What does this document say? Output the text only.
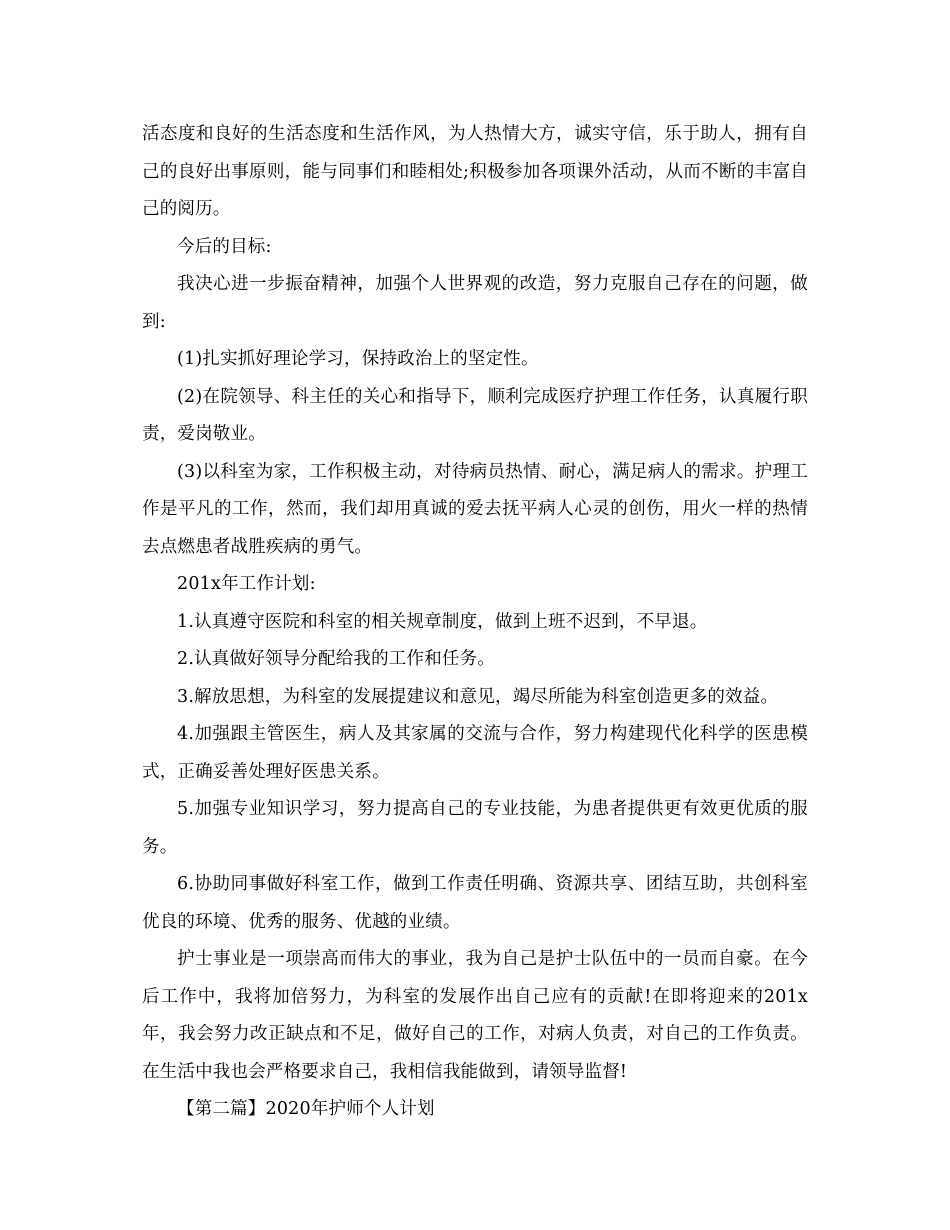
活态度和良好的生活态度和生活作风，为人热情大方，诚实守信，乐于助人，拥有自己的良好出事原则，能与同事们和睦相处;积极参加各项课外活动，从而不断的丰富自己的阅历。

今后的目标:

我决心进一步振奋精神，加强个人世界观的改造，努力克服自己存在的问题，做到:

(1)扎实抓好理论学习，保持政治上的坚定性。

(2)在院领导、科主任的关心和指导下，顺利完成医疗护理工作任务，认真履行职责，爱岗敬业。

(3)以科室为家，工作积极主动，对待病员热情、耐心，满足病人的需求。护理工作是平凡的工作，然而，我们却用真诚的爱去抚平病人心灵的创伤，用火一样的热情去点燃患者战胜疾病的勇气。

201x年工作计划:

1.认真遵守医院和科室的相关规章制度，做到上班不迟到，不早退。

2.认真做好领导分配给我的工作和任务。

3.解放思想，为科室的发展提建议和意见，竭尽所能为科室创造更多的效益。

4.加强跟主管医生，病人及其家属的交流与合作，努力构建现代化科学的医患模式，正确妥善处理好医患关系。

5.加强专业知识学习，努力提高自己的专业技能，为患者提供更有效更优质的服务。

6.协助同事做好科室工作，做到工作责任明确、资源共享、团结互助，共创科室优良的环境、优秀的服务、优越的业绩。

护士事业是一项崇高而伟大的事业，我为自己是护士队伍中的一员而自豪。在今后工作中，我将加倍努力，为科室的发展作出自己应有的贡献!在即将迎来的201x年，我会努力改正缺点和不足，做好自己的工作，对病人负责，对自己的工作负责。在生活中我也会严格要求自己，我相信我能做到，请领导监督!

【第二篇】2020年护师个人计划
